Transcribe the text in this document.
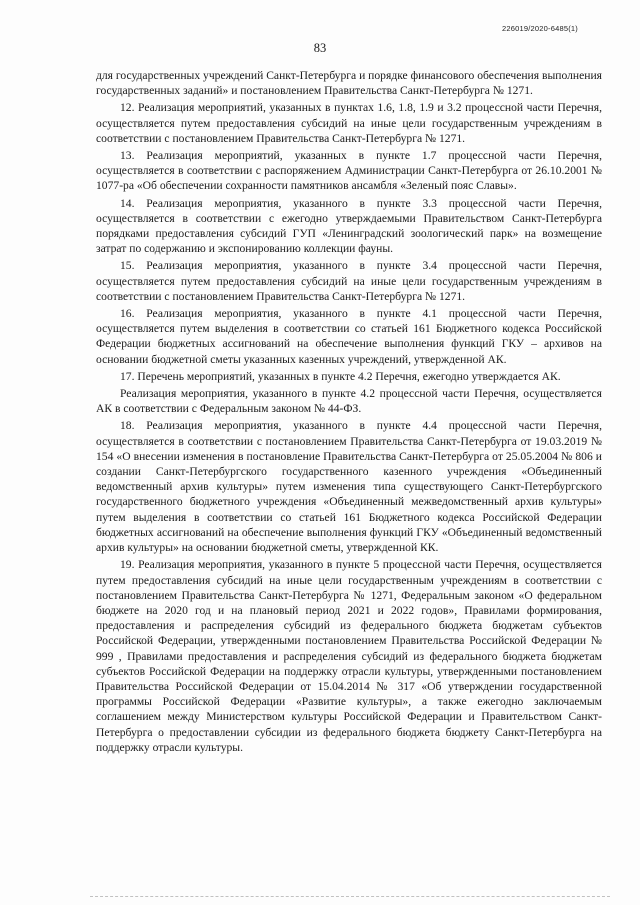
226019/2020-6485(1)
83

для государственных учреждений Санкт-Петербурга и порядке финансового обеспечения выполнения государственных заданий» и постановлением Правительства Санкт-Петербурга № 1271.

12. Реализация мероприятий, указанных в пунктах 1.6, 1.8, 1.9 и 3.2 процессной части Перечня, осуществляется путем предоставления субсидий на иные цели государственным учреждениям в соответствии с постановлением Правительства Санкт-Петербурга № 1271.

13. Реализация мероприятий, указанных в пункте 1.7 процессной части Перечня, осуществляется в соответствии с распоряжением Администрации Санкт-Петербурга от 26.10.2001 № 1077-ра «Об обеспечении сохранности памятников ансамбля «Зеленый пояс Славы».

14. Реализация мероприятия, указанного в пункте 3.3 процессной части Перечня, осуществляется в соответствии с ежегодно утверждаемыми Правительством Санкт-Петербурга порядками предоставления субсидий ГУП «Ленинградский зоологический парк» на возмещение затрат по содержанию и экспонированию коллекции фауны.

15. Реализация мероприятия, указанного в пункте 3.4 процессной части Перечня, осуществляется путем предоставления субсидий на иные цели государственным учреждениям в соответствии с постановлением Правительства Санкт-Петербурга № 1271.

16. Реализация мероприятия, указанного в пункте 4.1 процессной части Перечня, осуществляется путем выделения в соответствии со статьей 161 Бюджетного кодекса Российской Федерации бюджетных ассигнований на обеспечение выполнения функций ГКУ – архивов на основании бюджетной сметы указанных казенных учреждений, утвержденной АК.

17. Перечень мероприятий, указанных в пункте 4.2 Перечня, ежегодно утверждается АК.

Реализация мероприятия, указанного в пункте 4.2 процессной части Перечня, осуществляется АК в соответствии с Федеральным законом № 44-ФЗ.

18. Реализация мероприятия, указанного в пункте 4.4 процессной части Перечня, осуществляется в соответствии с постановлением Правительства Санкт-Петербурга от 19.03.2019 № 154 «О внесении изменения в постановление Правительства Санкт-Петербурга от 25.05.2004 № 806 и создании Санкт-Петербургского государственного казенного учреждения «Объединенный ведомственный архив культуры» путем изменения типа существующего Санкт-Петербургского государственного бюджетного учреждения «Объединенный межведомственный архив культуры» путем выделения в соответствии со статьей 161 Бюджетного кодекса Российской Федерации бюджетных ассигнований на обеспечение выполнения функций ГКУ «Объединенный ведомственный архив культуры» на основании бюджетной сметы, утвержденной КК.

19. Реализация мероприятия, указанного в пункте 5 процессной части Перечня, осуществляется путем предоставления субсидий на иные цели государственным учреждениям в соответствии с постановлением Правительства Санкт-Петербурга № 1271, Федеральным законом «О федеральном бюджете на 2020 год и на плановый период 2021 и 2022 годов», Правилами формирования, предоставления и распределения субсидий из федерального бюджета бюджетам субъектов Российской Федерации, утвержденными постановлением Правительства Российской Федерации № 999 , Правилами предоставления и распределения субсидий из федерального бюджета бюджетам субъектов Российской Федерации на поддержку отрасли культуры, утвержденными постановлением Правительства Российской Федерации от 15.04.2014 № 317 «Об утверждении государственной программы Российской Федерации «Развитие культуры», а также ежегодно заключаемым соглашением между Министерством культуры Российской Федерации и Правительством Санкт-Петербурга о предоставлении субсидии из федерального бюджета бюджету Санкт-Петербурга на поддержку отрасли культуры.
